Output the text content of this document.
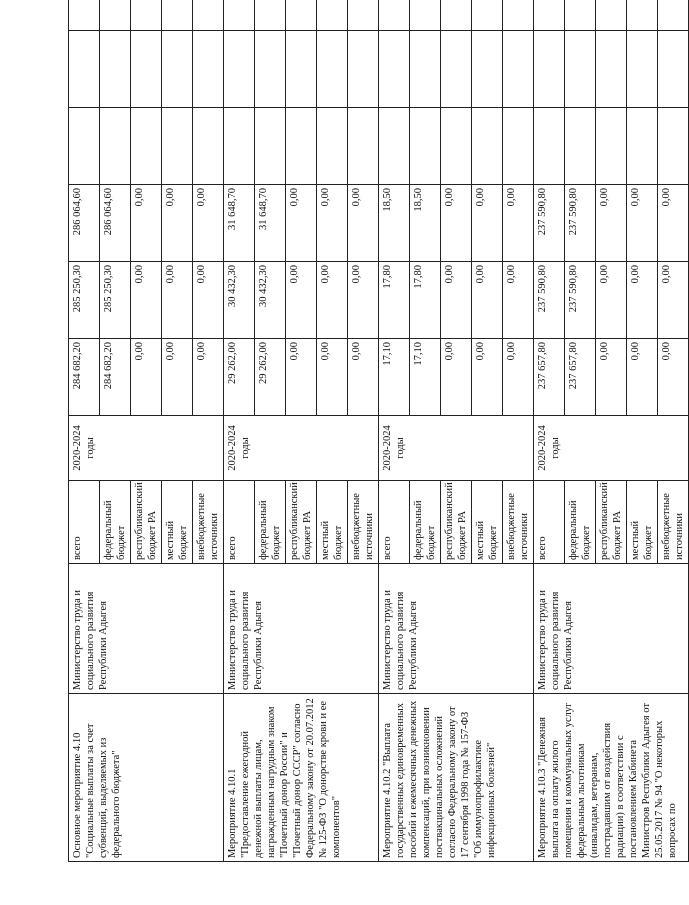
Основное мероприятие 4.10 "Социальные выплаты за счет субвенций, выделяемых из федерального бюджета"	Министерство труда и социального развития Республики Адыгея	всего	2020-2024 годы	284 682,20	285 250,30	286 064,60					
		федеральный бюджет		284 682,20	285 250,30	286 064,60					
		республиканский бюджет РА		0,00	0,00	0,00					
		местный бюджет		0,00	0,00	0,00					
		внебюджетные источники		0,00	0,00	0,00					
Мероприятие 4.10.1 "Предоставление ежегодной денежной выплаты лицам, награжденным нагрудным знаком "Почетный донор России" и "Почетный донор СССР" согласно Федеральному закону от 20.07.2012 № 125-ФЗ "О донорстве крови и ее компонентов"	Министерство труда и социального развития Республики Адыгея	всего	2020-2024 годы	29 262,00	30 432,30	31 648,70					
		федеральный бюджет		29 262,00	30 432,30	31 648,70					
		республиканский бюджет РА		0,00	0,00	0,00					
		местный бюджет		0,00	0,00	0,00					
		внебюджетные источники		0,00	0,00	0,00					
Мероприятие 4.10.2 "Выплата государственных единовременных пособий и ежемесячных денежных компенсаций, при возникновении поствакцинальных осложнений согласно Федеральному закону от 17 сентября 1998 года № 157-ФЗ "Об иммунопрофилактике инфекционных болезней"	Министерство труда и социального развития Республики Адыгея	всего	2020-2024 годы	17,10	17,80	18,50					
		федеральный бюджет		17,10	17,80	18,50					
		республиканский бюджет РА		0,00	0,00	0,00					
		местный бюджет		0,00	0,00	0,00					
		внебюджетные источники		0,00	0,00	0,00					
Мероприятие 4.10.3 "Денежная выплата на оплату жилого помещения и коммунальных услуг федеральным льготникам (инвалидам, ветеранам, пострадавшим от воздействия радиации) в соответствии с постановлением Кабинета Министров Республики Адыгея от 25.05.2017 № 94 "О некоторых вопросах по	Министерство труда и социального развития Республики Адыгея	всего	2020-2024 годы	237 657,80	237 590,80	237 590,80					
		федеральный бюджет		237 657,80	237 590,80	237 590,80					
		республиканский бюджет РА		0,00	0,00	0,00					
		местный бюджет		0,00	0,00	0,00					
		внебюджетные источники		0,00	0,00	0,00					
